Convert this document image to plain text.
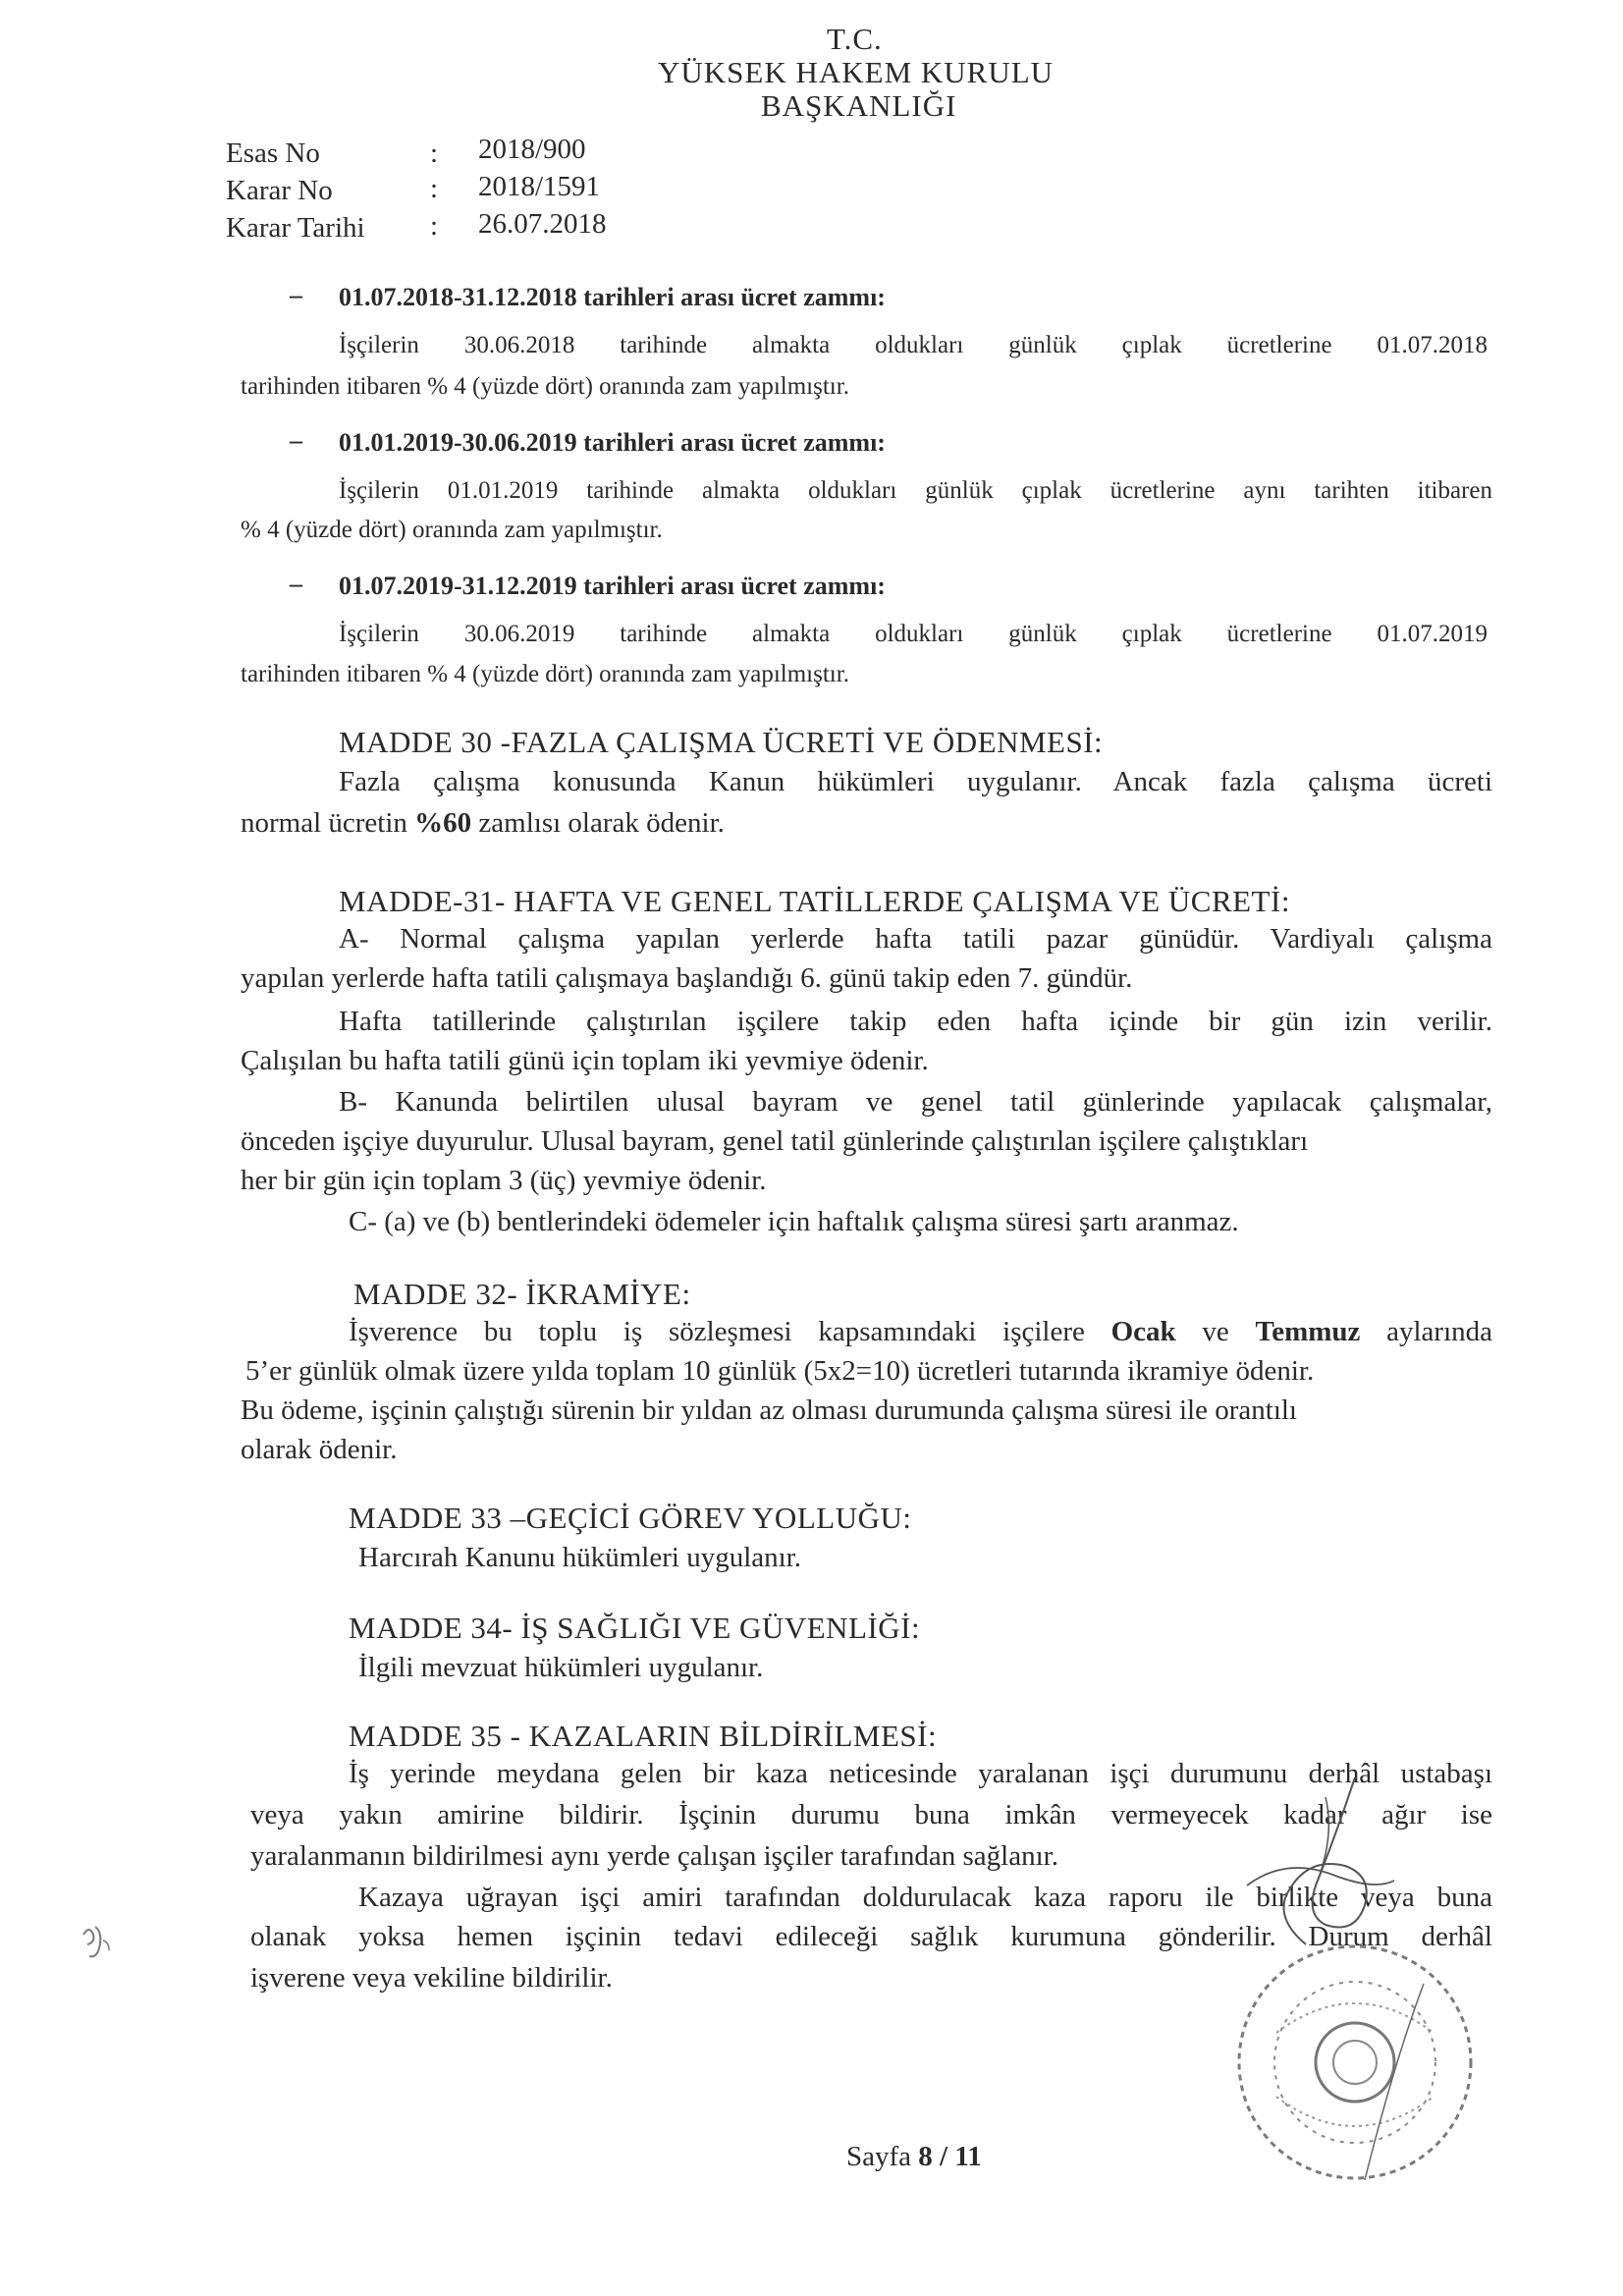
T.C.
YÜKSEK HAKEM KURULU
BAŞKANLIĞI
Esas No	: 2018/900
Karar No	: 2018/1591
Karar Tarihi : 26.07.2018
– 01.07.2018-31.12.2018 tarihleri arası ücret zammı:
İşçilerin 30.06.2018 tarihinde almakta oldukları günlük çıplak ücretlerine 01.07.2018
tarihinden itibaren % 4 (yüzde dört) oranında zam yapılmıştır.
– 01.01.2019-30.06.2019 tarihleri arası ücret zammı:
İşçilerin 01.01.2019 tarihinde almakta oldukları günlük çıplak ücretlerine aynı tarihten itibaren
% 4 (yüzde dört) oranında zam yapılmıştır.
– 01.07.2019-31.12.2019 tarihleri arası ücret zammı:
İşçilerin 30.06.2019 tarihinde almakta oldukları günlük çıplak ücretlerine 01.07.2019
tarihinden itibaren % 4 (yüzde dört) oranında zam yapılmıştır.
MADDE 30 -FAZLA ÇALIŞMA ÜCRETİ VE ÖDENMESİ:
Fazla çalışma konusunda Kanun hükümleri uygulanır. Ancak fazla çalışma ücreti
normal ücretin %60 zamlısı olarak ödenir.
MADDE-31- HAFTA VE GENEL TATİLLERDE ÇALIŞMA VE ÜCRETİ:
A- Normal çalışma yapılan yerlerde hafta tatili pazar günüdür. Vardiyalı çalışma
yapılan yerlerde hafta tatili çalışmaya başlandığı 6. günü takip eden 7. gündür.
Hafta tatillerinde çalıştırılan işçilere takip eden hafta içinde bir gün izin verilir.
Çalışılan bu hafta tatili günü için toplam iki yevmiye ödenir.
B- Kanunda belirtilen ulusal bayram ve genel tatil günlerinde yapılacak çalışmalar,
önceden işçiye duyurulur. Ulusal bayram, genel tatil günlerinde çalıştırılan işçilere çalıştıkları
her bir gün için toplam 3 (üç) yevmiye ödenir.
C- (a) ve (b) bentlerindeki ödemeler için haftalık çalışma süresi şartı aranmaz.
MADDE 32- İKRAMİYE:
İşverence bu toplu iş sözleşmesi kapsamındaki işçilere Ocak ve Temmuz aylarında
5’er günlük olmak üzere yılda toplam 10 günlük (5x2=10) ücretleri tutarında ikramiye ödenir.
Bu ödeme, işçinin çalıştığı sürenin bir yıldan az olması durumunda çalışma süresi ile orantılı
olarak ödenir.
MADDE 33 –GEÇİCİ GÖREV YOLLUĞU:
Harcırah Kanunu hükümleri uygulanır.
MADDE 34- İŞ SAĞLIĞI VE GÜVENLİĞİ:
İlgili mevzuat hükümleri uygulanır.
MADDE 35 - KAZALARIN BİLDİRİLMESİ:
İş yerinde meydana gelen bir kaza neticesinde yaralanan işçi durumunu derhâl ustabaşı
veya yakın amirine bildirir. İşçinin durumu buna imkân vermeyecek kadar ağır ise
yaralanmanın bildirilmesi aynı yerde çalışan işçiler tarafından sağlanır.
Kazaya uğrayan işçi amiri tarafından doldurulacak kaza raporu ile birlikte veya buna
olanak yoksa hemen işçinin tedavi edileceği sağlık kurumuna gönderilir. Durum derhâl
işverene veya vekiline bildirilir.
Sayfa 8 / 11
